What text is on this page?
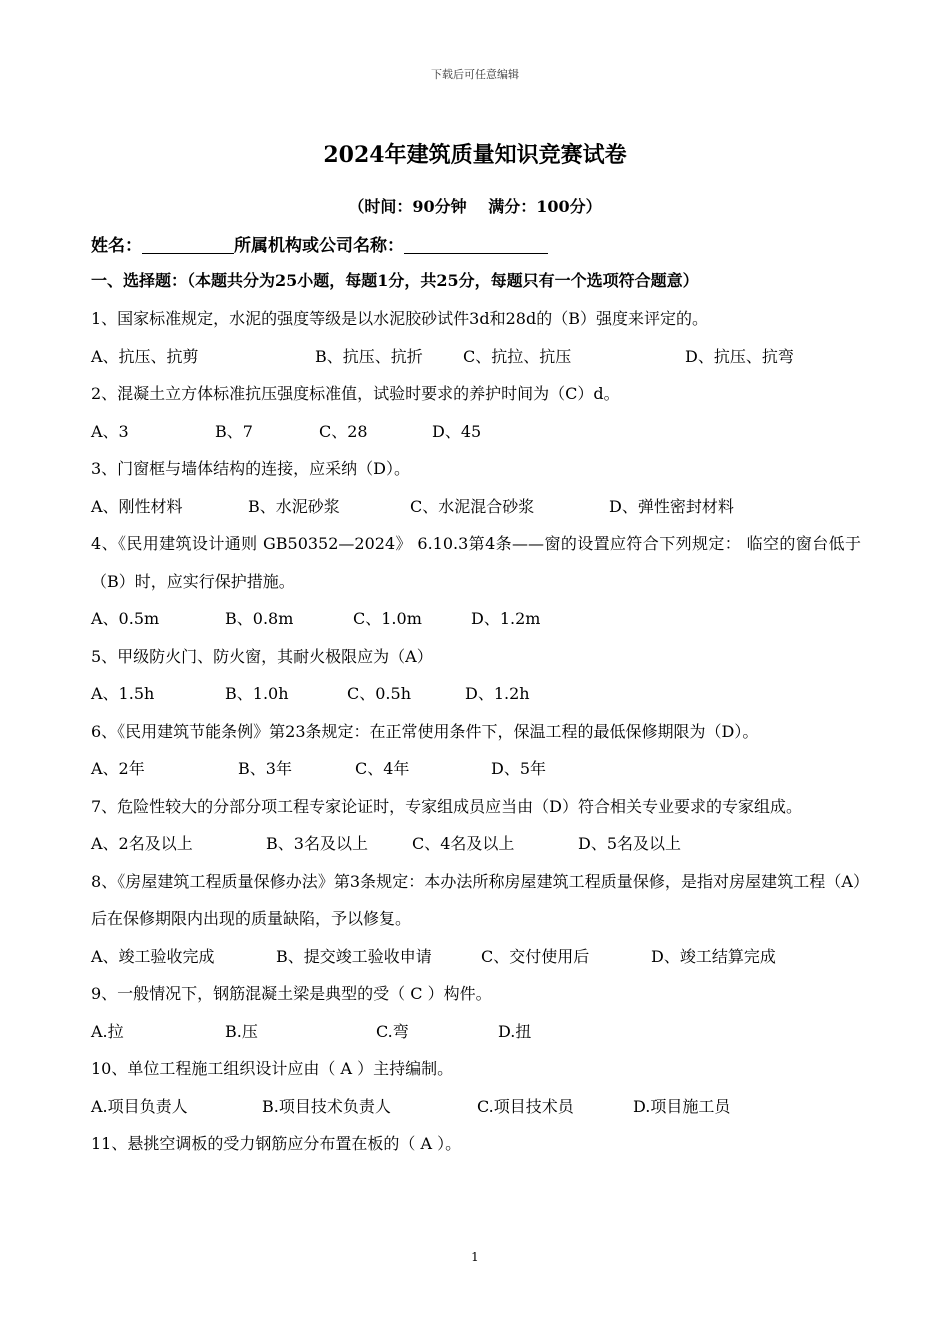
下载后可任意编辑
2024年建筑质量知识竞赛试卷
（时间：90分钟 　满分：100分）
姓名：	所属机构或公司名称：
一、选择题：（本题共分为25小题，每题1分，共25分，每题只有一个选项符合题意）

1、国家标准规定，水泥的强度等级是以水泥胶砂试件3d和28d的（B）强度来评定的。

A、抗压、抗剪	B、抗压、抗折	C、抗拉、抗压	D、抗压、抗弯

2、混凝土立方体标准抗压强度标准值，试验时要求的养护时间为（C）d。

A、3	B、7	C、28	D、45

3、门窗框与墙体结构的连接，应采纳（D）。

A、刚性材料	B、水泥砂浆	C、水泥混合砂浆	D、弹性密封材料

4、《民用建筑设计通则 GB50352—2024》 6.10.3第4条——窗的设置应符合下列规定： 临空的窗台低于（B）时，应实行保护措施。

A、0.5m	B、0.8m	C、1.0m	D、1.2m

5、甲级防火门、防火窗，其耐火极限应为（A）

A、1.5h	B、1.0h	C、0.5h	D、1.2h

6、《民用建筑节能条例》第23条规定：在正常使用条件下，保温工程的最低保修期限为（D）。

A、2年	B、3年	C、4年	D、5年

7、危险性较大的分部分项工程专家论证时，专家组成员应当由（D）符合相关专业要求的专家组成。

A、2名及以上	B、3名及以上	C、4名及以上	D、5名及以上

8、《房屋建筑工程质量保修办法》第3条规定：本办法所称房屋建筑工程质量保修，是指对房屋建筑工程（A）后在保修期限内出现的质量缺陷，予以修复。

A、竣工验收完成	B、提交竣工验收申请	C、交付使用后	D、竣工结算完成

9、一般情况下，钢筋混凝土梁是典型的受（ C ）构件。

A.拉	B.压	C.弯	D.扭

10、单位工程施工组织设计应由（ A ）主持编制。

A.项目负责人	B.项目技术负责人	C.项目技术员	D.项目施工员

11、悬挑空调板的受力钢筋应分布置在板的（ A ）。

1
